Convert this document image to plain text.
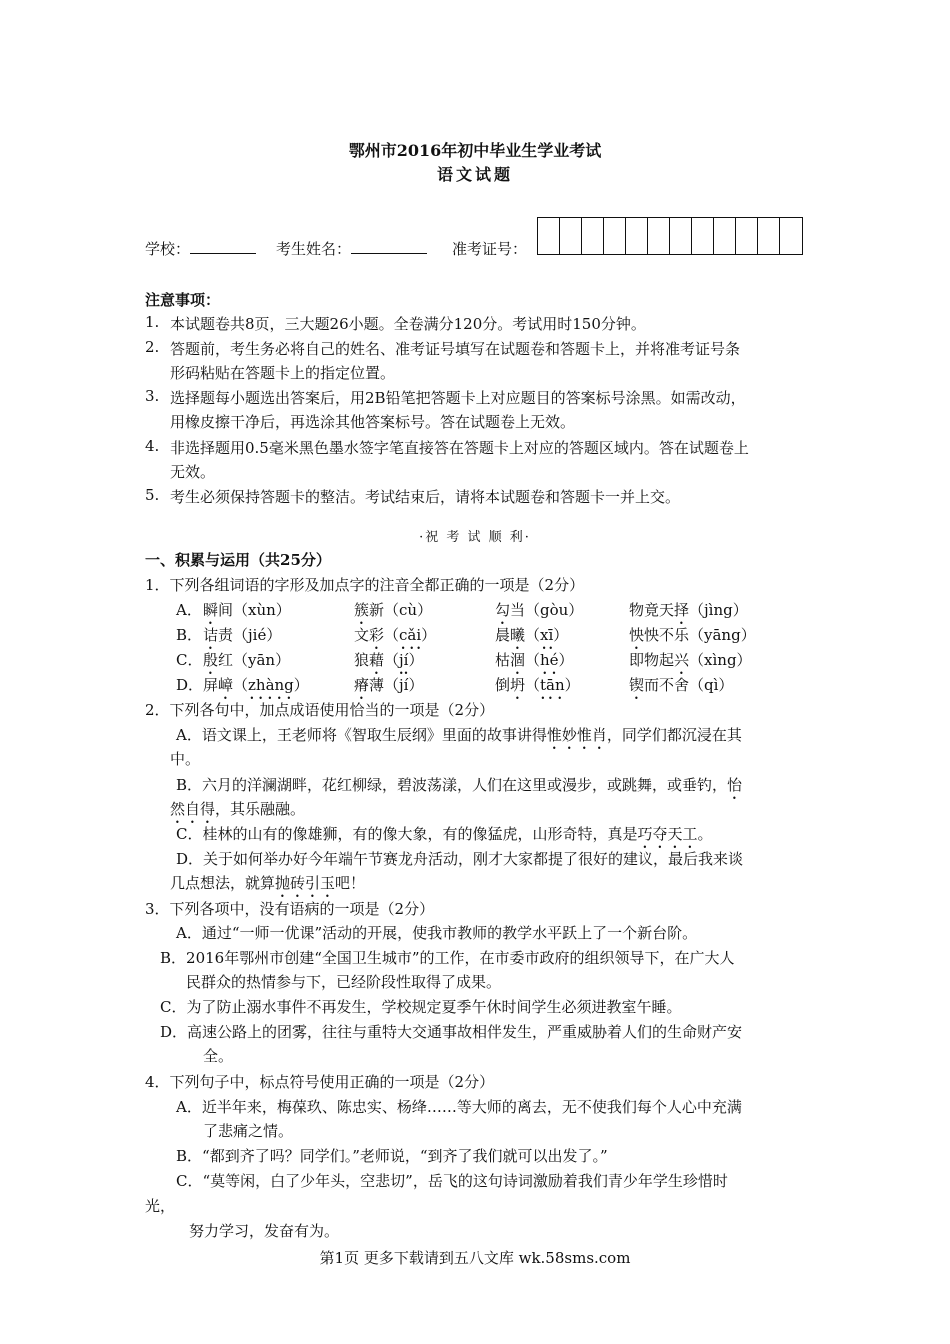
鄂州市2016年初中毕业生学业考试
语文试题
学校：	考生姓名：	准考证号：
注意事项：
1. 本试题卷共8页，三大题26小题。全卷满分120分。考试用时150分钟。
2. 答题前，考生务必将自己的姓名、准考证号填写在试题卷和答题卡上，并将准考证号条
形码粘贴在答题卡上的指定位置。
3. 选择题每小题选出答案后，用2B铅笔把答题卡上对应题目的答案标号涂黑。如需改动，
用橡皮擦干净后，再选涂其他答案标号。答在试题卷上无效。
4. 非选择题用0.5毫米黑色墨水签字笔直接答在答题卡上对应的答题区域内。答在试题卷上
无效。
5. 考生必须保持答题卡的整洁。考试结束后，请将本试题卷和答题卡一并上交。
·祝 考 试 顺 利·
一、积累与运用（共25分）
1．下列各组词语的字形及加点字的注音全都正确的一项是（2分）
A． 瞬间（xùn）	簇新（cù）	勾当（gòu）	物竟天择（jìng）
B． 诘责（jié）	文彩（cǎi）	晨曦（xī）	怏怏不乐（yāng）
C． 殷红（yān）	狼藉（jí）	枯涸（hé）	即物起兴（xìng）
D． 屏嶂（zhàng）	瘠薄（jí）	倒坍（tān）	锲而不舍（qì）
2．下列各句中，加点成语使用恰当的一项是（2分）
A．语文课上，王老师将《智取生辰纲》里面的故事讲得惟妙惟肖，同学们都沉浸在其
中。
B．六月的洋澜湖畔，花红柳绿，碧波荡漾，人们在这里或漫步，或跳舞，或垂钓，怡
然自得，其乐融融。
C．桂林的山有的像雄狮，有的像大象，有的像猛虎，山形奇特，真是巧夺天工。
D．关于如何举办好今年端午节赛龙舟活动，刚才大家都提了很好的建议，最后我来谈
几点想法，就算抛砖引玉吧！
3．下列各项中，没有语病的一项是（2分）
A．通过“一师一优课”活动的开展，使我市教师的教学水平跃上了一个新台阶。
B．2016年鄂州市创建“全国卫生城市”的工作，在市委市政府的组织领导下，在广大人
民群众的热情参与下，已经阶段性取得了成果。
C．为了防止溺水事件不再发生，学校规定夏季午休时间学生必须进教室午睡。
D．高速公路上的团雾，往往与重特大交通事故相伴发生，严重威胁着人们的生命财产安
全。
4．下列句子中，标点符号使用正确的一项是（2分）
A．近半年来，梅葆玖、陈忠实、杨绛……等大师的离去，无不使我们每个人心中充满
了悲痛之情。
B．“都到齐了吗？同学们。”老师说，“到齐了我们就可以出发了。”
C．“莫等闲，白了少年头，空悲切”，岳飞的这句诗词激励着我们青少年学生珍惜时
光，
努力学习，发奋有为。
第1页 更多下载请到五八文库 wk.58sms.com
